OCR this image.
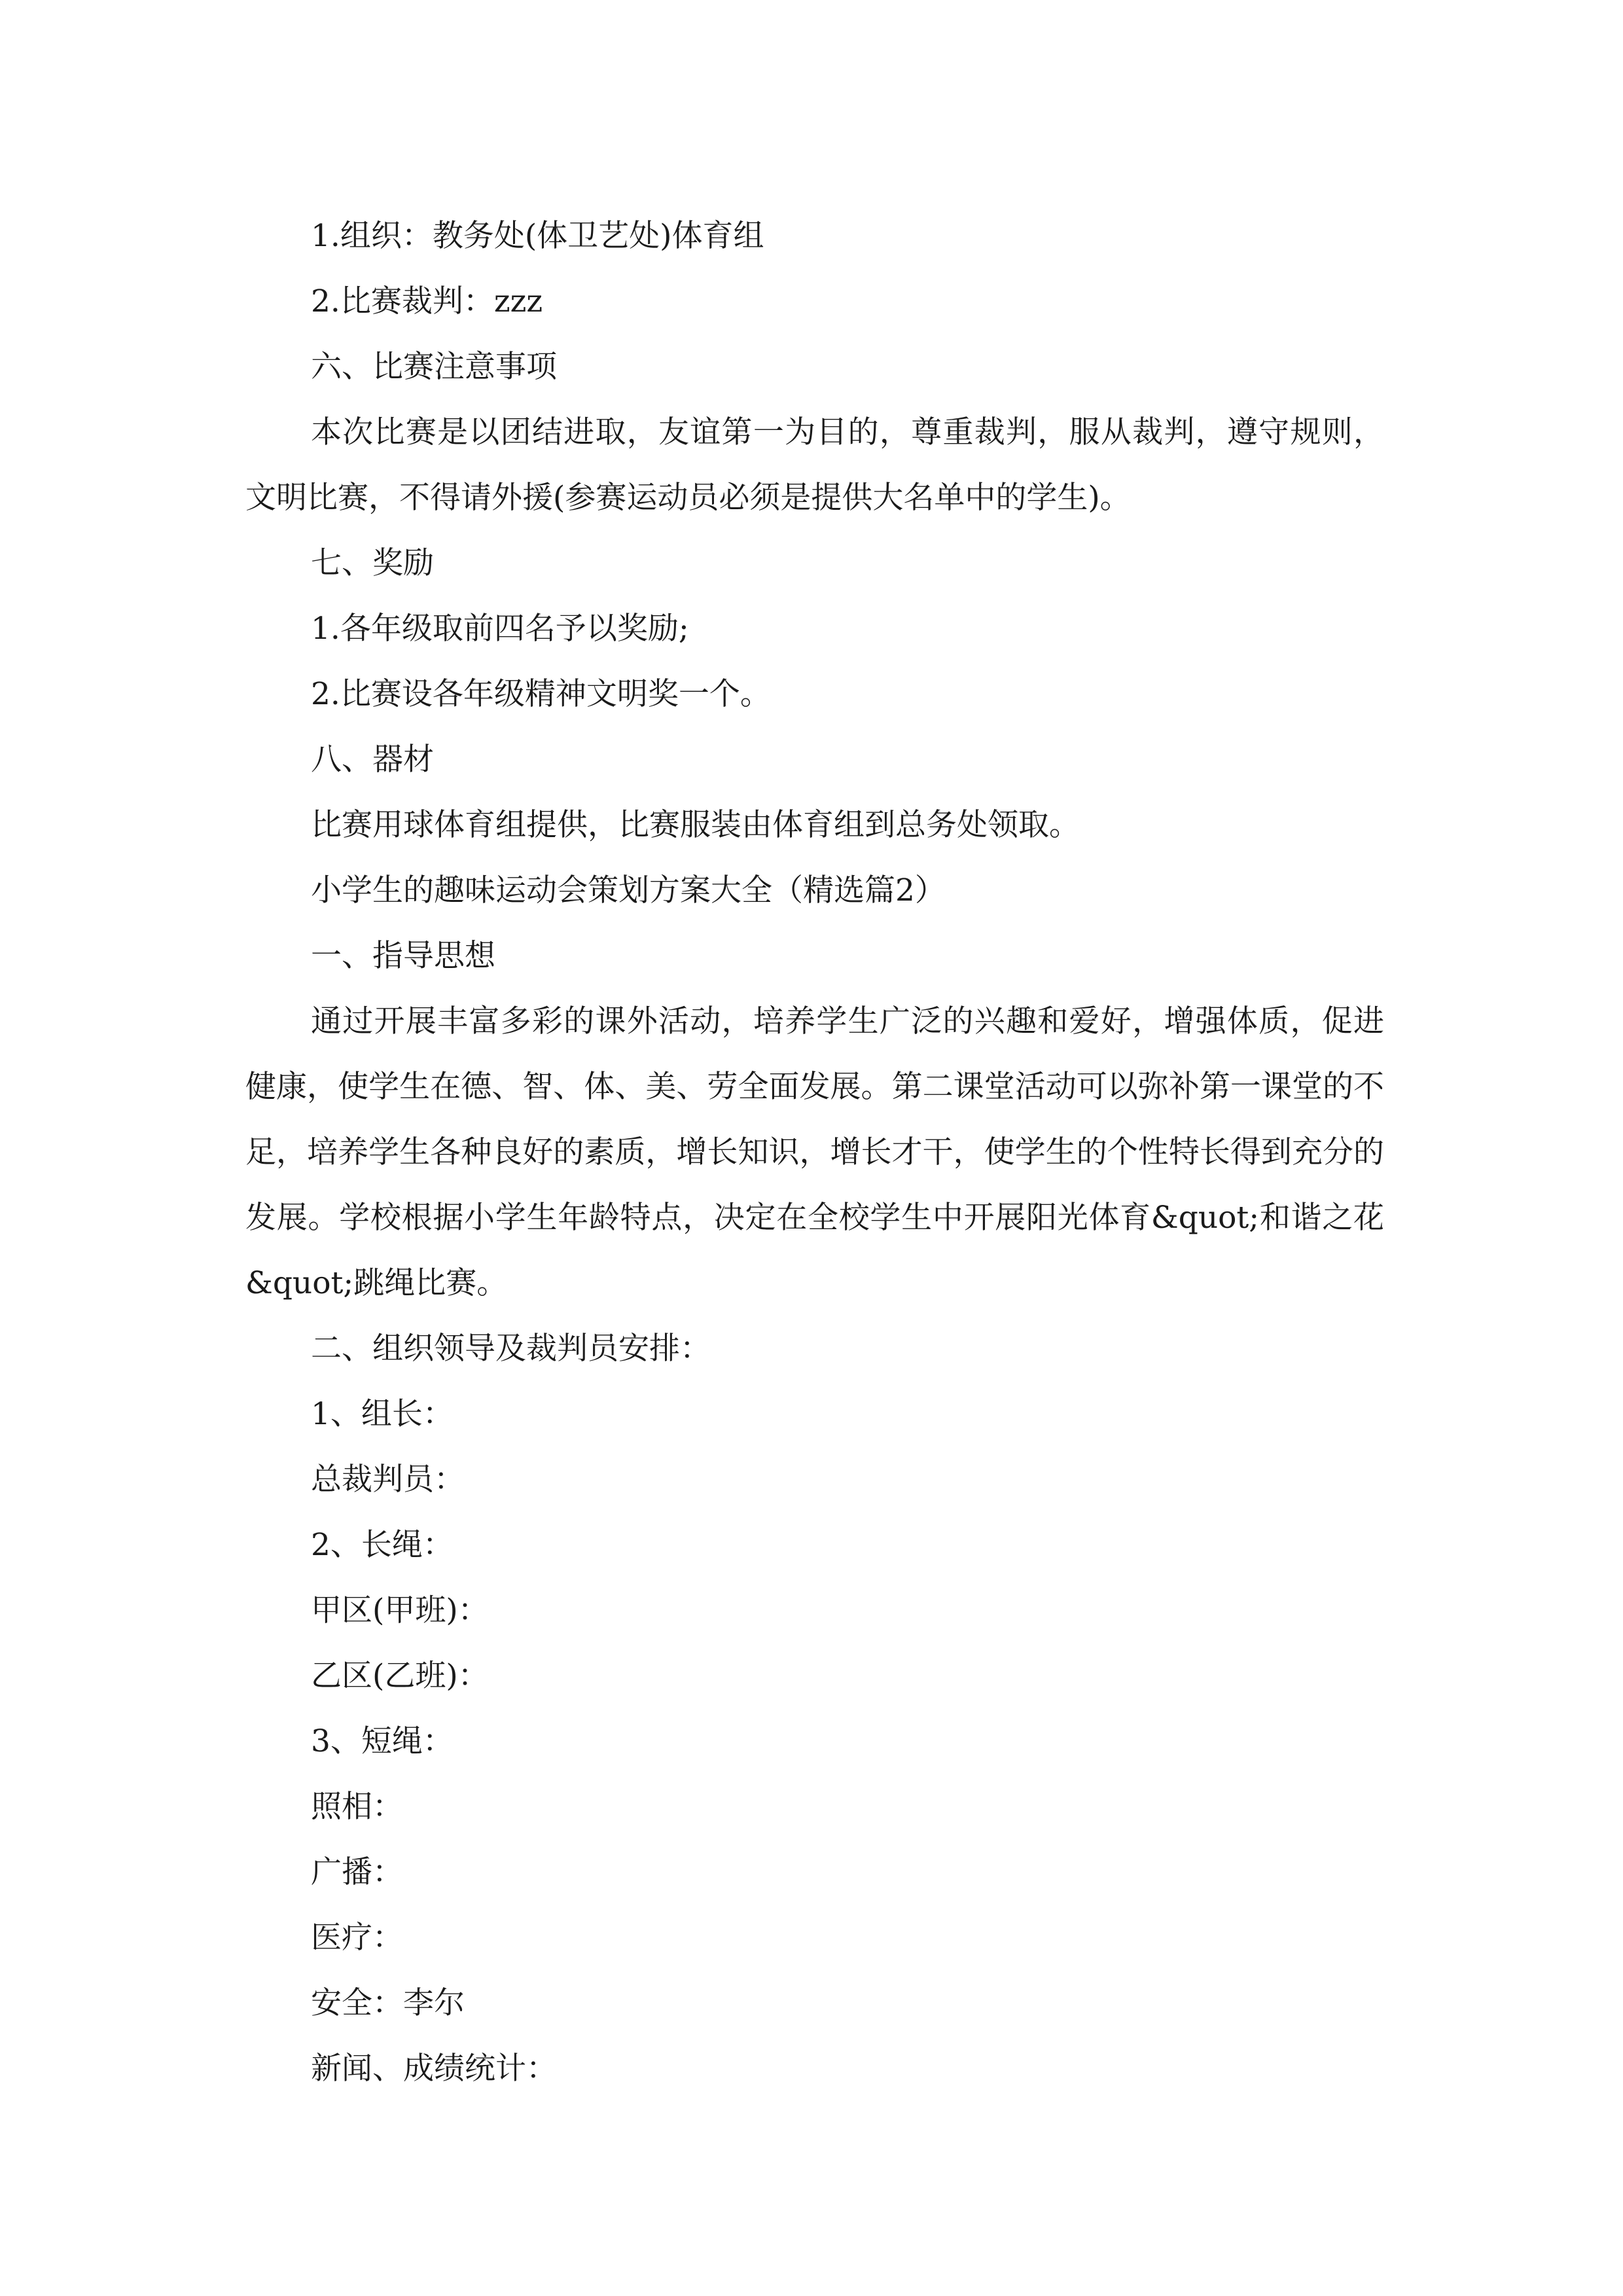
1.组织：教务处(体卫艺处)体育组

2.比赛裁判：zzz

六、比赛注意事项

本次比赛是以团结进取，友谊第一为目的，尊重裁判，服从裁判，遵守规则，文明比赛，不得请外援(参赛运动员必须是提供大名单中的学生)。

七、奖励

1.各年级取前四名予以奖励;

2.比赛设各年级精神文明奖一个。

八、器材

比赛用球体育组提供，比赛服装由体育组到总务处领取。

小学生的趣味运动会策划方案大全（精选篇2）

一、指导思想

通过开展丰富多彩的课外活动，培养学生广泛的兴趣和爱好，增强体质，促进健康，使学生在德、智、体、美、劳全面发展。第二课堂活动可以弥补第一课堂的不足，培养学生各种良好的素质，增长知识，增长才干，使学生的个性特长得到充分的发展。学校根据小学生年龄特点，决定在全校学生中开展阳光体育&quot;和谐之花&quot;跳绳比赛。

二、组织领导及裁判员安排：

1、组长：

总裁判员：

2、长绳：

甲区(甲班)：

乙区(乙班)：

3、短绳：

照相：

广播：

医疗：

安全：李尔

新闻、成绩统计：
